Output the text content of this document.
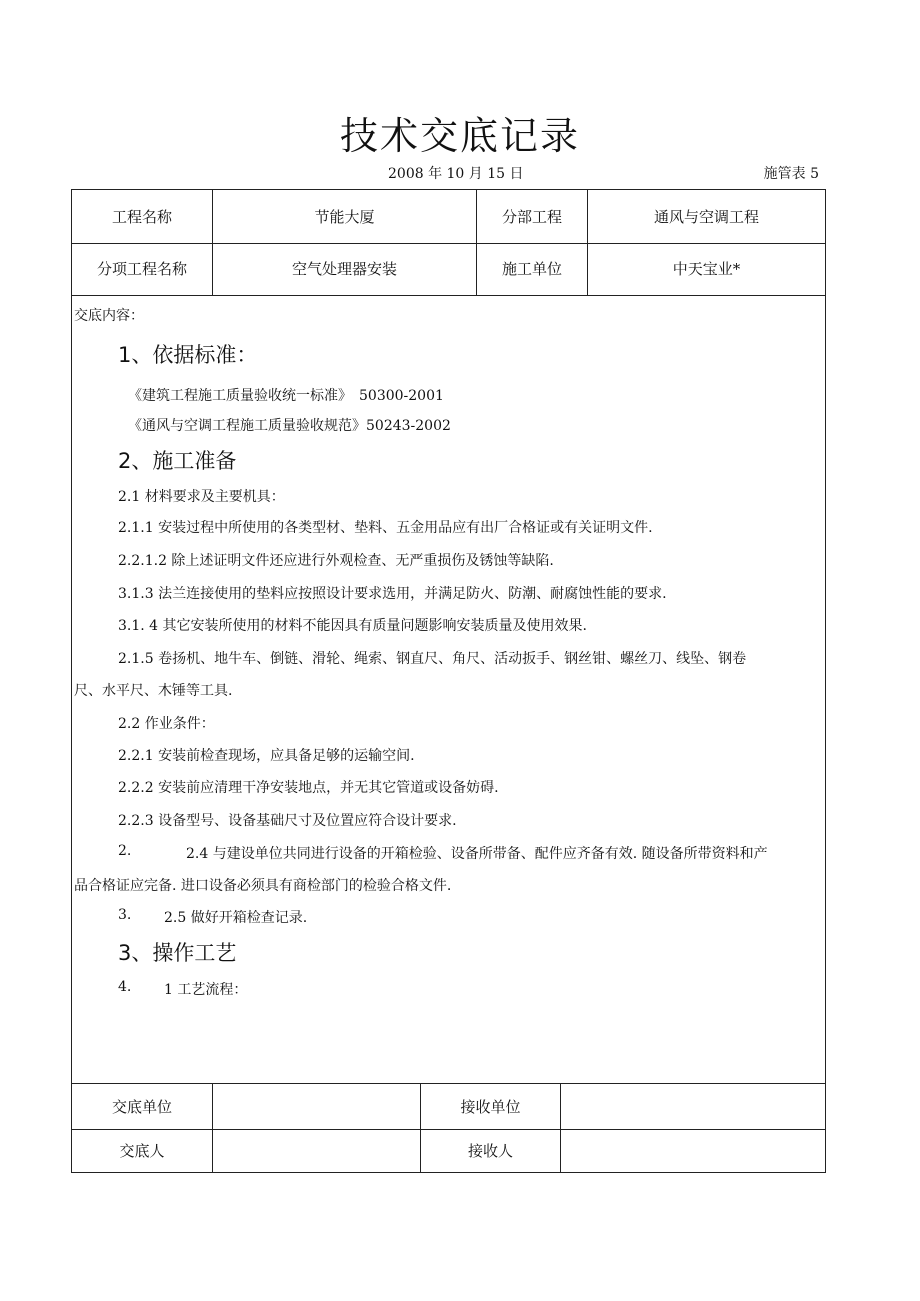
技术交底记录
2008 年 10 月 15 日	施管表 5
工程名称	节能大厦	分部工程	通风与空调工程
分项工程名称	空气处理器安装	施工单位	中天宝业*
交底内容：
1、依据标准：
《建筑工程施工质量验收统一标准》　50300-2001
《通风与空调工程施工质量验收规范》50243-2002
2、施工准备
2.1 材料要求及主要机具：
2.1.1 安装过程中所使用的各类型材、垫料、五金用品应有出厂合格证或有关证明文件.
2.2.1.2 除上述证明文件还应进行外观检查、无严重损伤及锈蚀等缺陷.
3.1.3 法兰连接使用的垫料应按照设计要求选用，并满足防火、防潮、耐腐蚀性能的要求.
3.1. 4 其它安装所使用的材料不能因具有质量问题影响安装质量及使用效果.
2.1.5 卷扬机、地牛车、倒链、滑轮、绳索、钢直尺、角尺、活动扳手、钢丝钳、螺丝刀、线坠、钢卷
尺、水平尺、木锤等工具.
2.2 作业条件：
2.2.1 安装前检查现场，应具备足够的运输空间.
2.2.2 安装前应清理干净安装地点，并无其它管道或设备妨碍.
2.2.3 设备型号、设备基础尺寸及位置应符合设计要求.
2.	2.4 与建设单位共同进行设备的开箱检验、设备所带备、配件应齐备有效. 随设备所带资料和产
品合格证应完备. 进口设备必须具有商检部门的检验合格文件.
3. 2.5 做好开箱检查记录.
3、操作工艺
4. 1 工艺流程：
交底单位	接收单位
交底人	接收人
